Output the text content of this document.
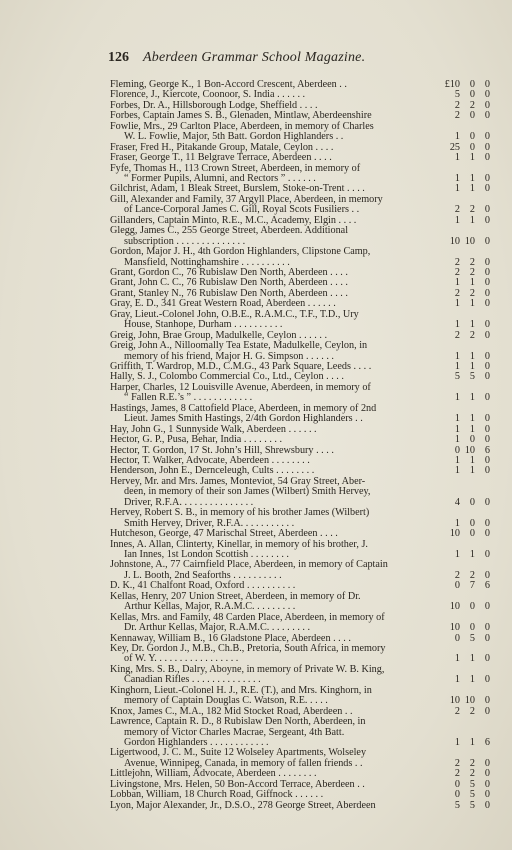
126 Aberdeen Grammar School Magazine.
Fleming, George K., 1 Bon-Accord Crescent, Aberdeen . .	£10 0 0
Florence, J., Kiercote, Coonoor, S. India . . . . . .	5 0 0
Forbes, Dr. A., Hillsborough Lodge, Sheffield . . . .	2 2 0
Forbes, Captain James S. B., Glenaden, Mintlaw, Aberdeenshire	2 0 0
Fowlie, Mrs., 29 Carlton Place, Aberdeen, in memory of Charles
W. L. Fowlie, Major, 5th Batt. Gordon Highlanders . .	1 0 0
Fraser, Fred H., Pitakande Group, Matale, Ceylon . . . .	25 0 0
Fraser, George T., 11 Belgrave Terrace, Aberdeen . . . .	1 1 0
Fyfe, Thomas H., 113 Crown Street, Aberdeen, in memory of
“ Former Pupils, Alumni, and Rectors ” . . . . . .	1 1 0
Gilchrist, Adam, 1 Bleak Street, Burslem, Stoke-on-Trent . . . .	1 1 0
Gill, Alexander and Family, 37 Argyll Place, Aberdeen, in memory
of Lance-Corporal James C. Gill, Royal Scots Fusiliers . .	2 2 0
Gillanders, Captain Minto, R.E., M.C., Academy, Elgin . . . .	1 1 0
Glegg, James C., 255 George Street, Aberdeen. Additional
subscription . . . . . . . . . . . . . .	10 10 0
Gordon, Major J. H., 4th Gordon Highlanders, Clipstone Camp,
Mansfield, Nottinghamshire . . . . . . . . . .	2 2 0
Grant, Gordon C., 76 Rubislaw Den North, Aberdeen . . . .	2 2 0
Grant, John C. C., 76 Rubislaw Den North, Aberdeen . . . .	1 1 0
Grant, Stanley N., 76 Rubislaw Den North, Aberdeen . . . .	2 2 0
Gray, E. D., 341 Great Western Road, Aberdeen . . . . . .	1 1 0
Gray, Lieut.-Colonel John, O.B.E., R.A.M.C., T.F., T.D., Ury
House, Stanhope, Durham . . . . . . . . . .	1 1 0
Greig, John, Brae Group, Madulkelle, Ceylon . . . . . .	2 2 0
Greig, John A., Nilloomally Tea Estate, Madulkelle, Ceylon, in
memory of his friend, Major H. G. Simpson . . . . . .	1 1 0
Griffith, T. Wardrop, M.D., C.M.G., 43 Park Square, Leeds . . . .	1 1 0
Hally, S. J., Colombo Commercial Co., Ltd., Ceylon . . . .	5 5 0
Harper, Charles, 12 Louisville Avenue, Aberdeen, in memory of
“ Fallen R.E.’s ” . . . . . . . . . . . .	1 1 0
Hastings, James, 8 Cattofield Place, Aberdeen, in memory of 2nd
Lieut. James Smith Hastings, 2/4th Gordon Highlanders . .	1 1 0
Hay, John G., 1 Sunnyside Walk, Aberdeen . . . . . .	1 1 0
Hector, G. P., Pusa, Behar, India . . . . . . . .	1 0 0
Hector, T. Gordon, 17 St. John’s Hill, Shrewsbury . . . .	0 10 6
Hector, T. Walker, Advocate, Aberdeen . . . . . . . .	1 1 0
Henderson, John E., Dernceleugh, Cults . . . . . . . .	1 1 0
Hervey, Mr. and Mrs. James, Monteviot, 54 Gray Street, Aber-
deen, in memory of their son James (Wilbert) Smith Hervey,
Driver, R.F.A. . . . . . . . . . . . . . .	4 0 0
Hervey, Robert S. B., in memory of his brother James (Wilbert)
Smith Hervey, Driver, R.F.A. . . . . . . . . . .	1 0 0
Hutcheson, George, 47 Marischal Street, Aberdeen . . . .	10 0 0
Innes, A. Allan, Clinterty, Kinellar, in memory of his brother, J.
Ian Innes, 1st London Scottish . . . . . . . .	1 1 0
Johnstone, A., 77 Cairnfield Place, Aberdeen, in memory of Captain
J. L. Booth, 2nd Seaforths . . . . . . . . . .	2 2 0
D. K., 41 Chalfont Road, Oxford . . . . . . . . . .	0 7 6
Kellas, Henry, 207 Union Street, Aberdeen, in memory of Dr.
Arthur Kellas, Major, R.A.M.C. . . . . . . . .	10 0 0
Kellas, Mrs. and Family, 48 Carden Place, Aberdeen, in memory of
Dr. Arthur Kellas, Major, R.A.M.C. . . . . . . . .	10 0 0
Kennaway, William B., 16 Gladstone Place, Aberdeen . . . .	0 5 0
Key, Dr. Gordon J., M.B., Ch.B., Pretoria, South Africa, in memory
of W. Y. . . . . . . . . . . . . . . . .	1 1 0
King, Mrs. S. B., Dalry, Aboyne, in memory of Private W. B. King,
Canadian Rifles . . . . . . . . . . . . . .	1 1 0
Kinghorn, Lieut.-Colonel H. J., R.E. (T.), and Mrs. Kinghorn, in
memory of Captain Douglas C. Watson, R.E. . . . .	10 10 0
Knox, James C., M.A., 182 Mid Stocket Road, Aberdeen . .	2 2 0
Lawrence, Captain R. D., 8 Rubislaw Den North, Aberdeen, in
memory of Victor Charles Macrae, Sergeant, 4th Batt.
Gordon Highlanders . . . . . . . . . . . .	1 1 6
Ligertwood, J. C. M., Suite 12 Wolseley Apartments, Wolseley
Avenue, Winnipeg, Canada, in memory of fallen friends . .	2 2 0
Littlejohn, William, Advocate, Aberdeen . . . . . . . .	2 2 0
Livingstone, Mrs. Helen, 50 Bon-Accord Terrace, Aberdeen . .	0 5 0
Lobban, William, 18 Church Road, Giffnock . . . . . .	0 5 0
Lyon, Major Alexander, Jr., D.S.O., 278 George Street, Aberdeen	5 5 0
